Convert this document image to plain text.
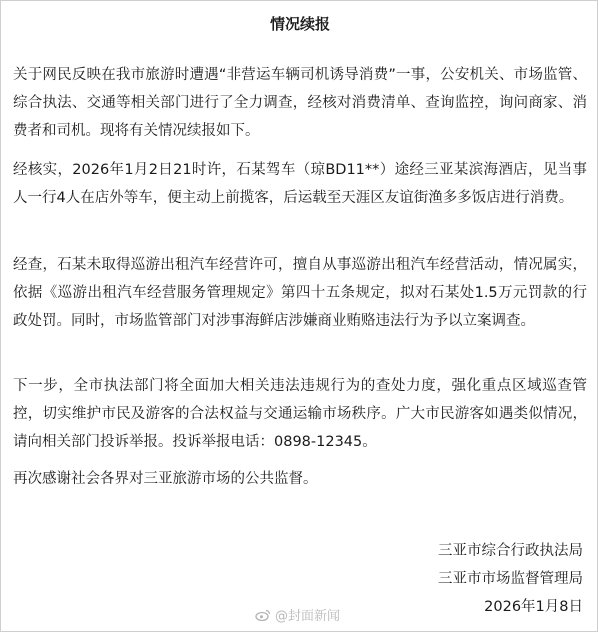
情况续报

关于网民反映在我市旅游时遭遇“非营运车辆司机诱导消费”一事，公安机关、市场监管、综合执法、交通等相关部门进行了全力调查，经核对消费清单、查询监控，询问商家、消费者和司机。现将有关情况续报如下。

经核实，2026年1月2日21时许，石某驾车（琼BD11**）途经三亚某滨海酒店，见当事人一行4人在店外等车，便主动上前揽客，后运载至天涯区友谊街渔多多饭店进行消费。

经查，石某未取得巡游出租汽车经营许可，擅自从事巡游出租汽车经营活动，情况属实，依据《巡游出租汽车经营服务管理规定》第四十五条规定，拟对石某处1.5万元罚款的行政处罚。同时，市场监管部门对涉事海鲜店涉嫌商业贿赂违法行为予以立案调查。

下一步，全市执法部门将全面加大相关违法违规行为的查处力度，强化重点区域巡查管控，切实维护市民及游客的合法权益与交通运输市场秩序。广大市民游客如遇类似情况，请向相关部门投诉举报。投诉举报电话：0898-12345。

再次感谢社会各界对三亚旅游市场的公共监督。

三亚市综合行政执法局
三亚市市场监督管理局
2026年1月8日
@封面新闻
